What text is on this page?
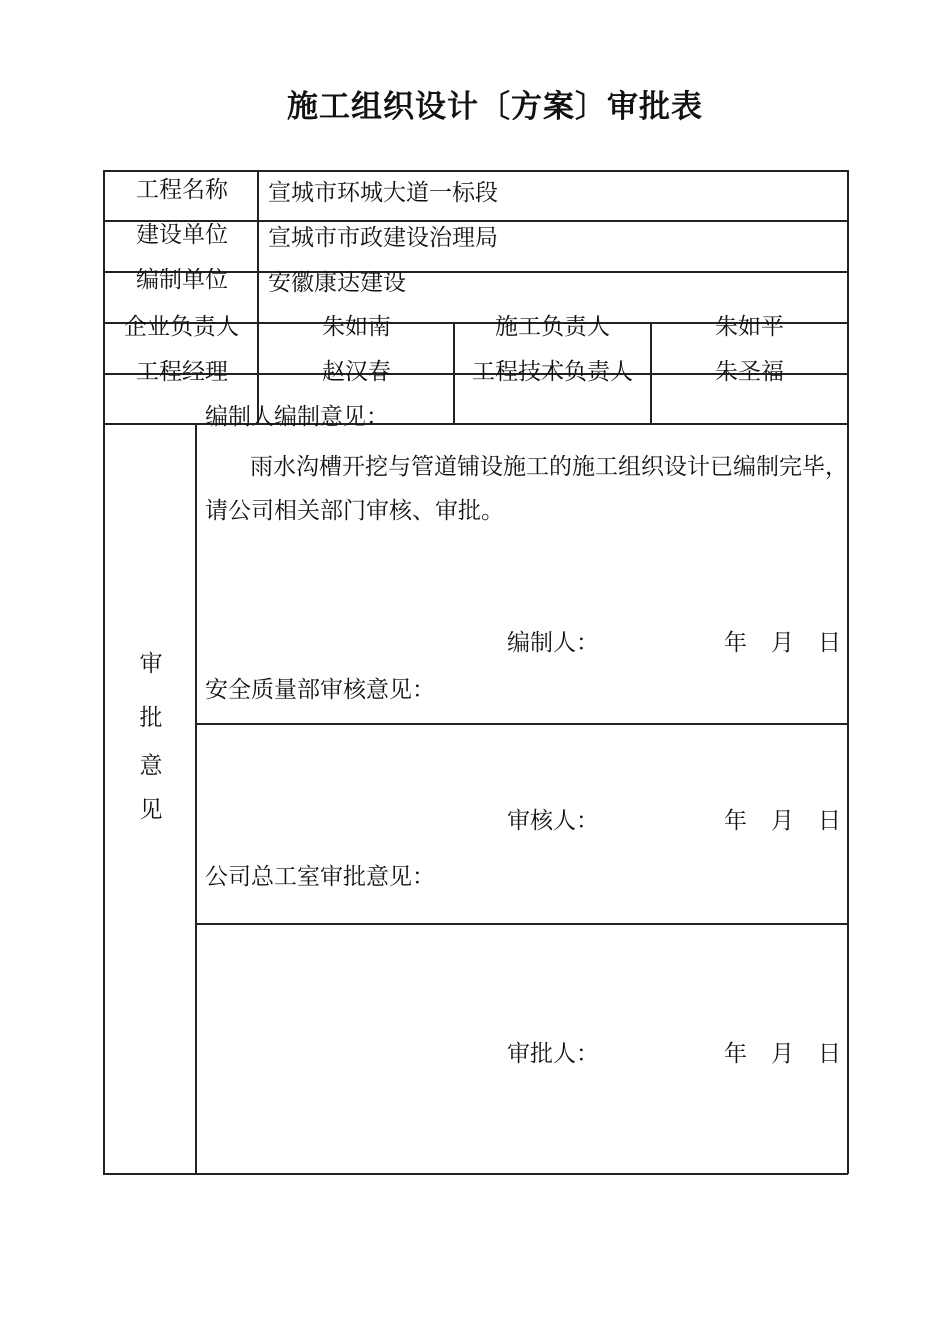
施工组织设计〔方案〕审批表
工程名称 宣城市环城大道一标段
建设单位 宣城市市政建设治理局
编制单位 安徽康达建设
企业负责人	朱如南	施工负责人	朱如平
工程经理	赵汉春	工程技术负责人	朱圣福
审
批
意
见
编制人编制意见：
雨水沟槽开挖与管道铺设施工的施工组织设计已编制完毕，
请公司相关部门审核、审批。
编制人：	年 月 日
安全质量部审核意见：
审核人：	年 月 日
公司总工室审批意见：
审批人：	年 月 日
